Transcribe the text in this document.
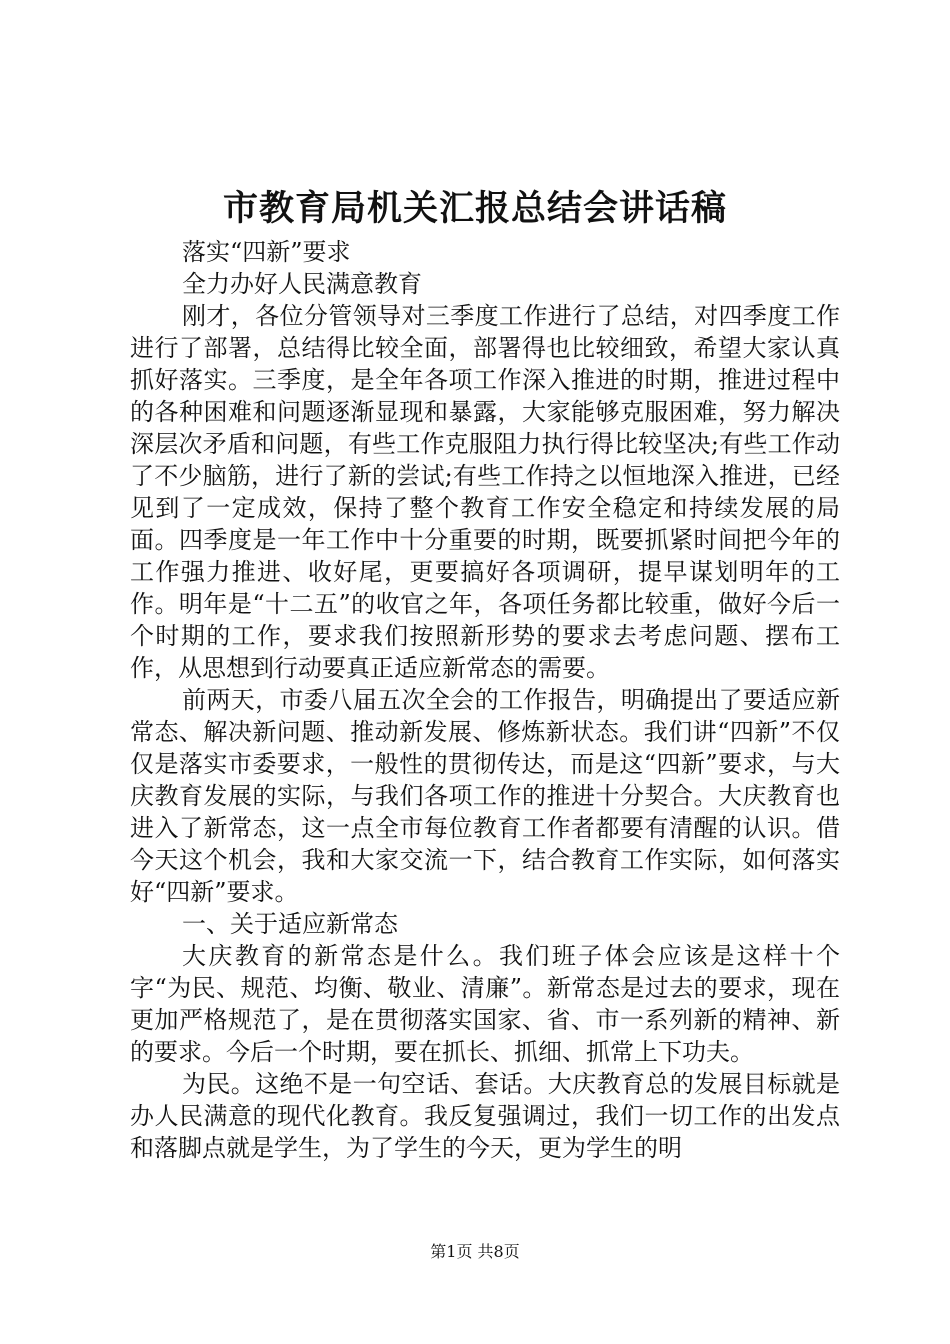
市教育局机关汇报总结会讲话稿

落实“四新”要求

全力办好人民满意教育

刚才，各位分管领导对三季度工作进行了总结，对四季度工作进行了部署，总结得比较全面，部署得也比较细致，希望大家认真抓好落实。三季度，是全年各项工作深入推进的时期，推进过程中的各种困难和问题逐渐显现和暴露，大家能够克服困难，努力解决深层次矛盾和问题，有些工作克服阻力执行得比较坚决;有些工作动了不少脑筋，进行了新的尝试;有些工作持之以恒地深入推进，已经见到了一定成效，保持了整个教育工作安全稳定和持续发展的局面。四季度是一年工作中十分重要的时期，既要抓紧时间把今年的工作强力推进、收好尾，更要搞好各项调研，提早谋划明年的工作。明年是“十二五”的收官之年，各项任务都比较重，做好今后一个时期的工作，要求我们按照新形势的要求去考虑问题、摆布工作，从思想到行动要真正适应新常态的需要。

前两天，市委八届五次全会的工作报告，明确提出了要适应新常态、解决新问题、推动新发展、修炼新状态。我们讲“四新”不仅仅是落实市委要求，一般性的贯彻传达，而是这“四新”要求，与大庆教育发展的实际，与我们各项工作的推进十分契合。大庆教育也进入了新常态，这一点全市每位教育工作者都要有清醒的认识。借今天这个机会，我和大家交流一下，结合教育工作实际，如何落实好“四新”要求。

一、关于适应新常态

大庆教育的新常态是什么。我们班子体会应该是这样十个字“为民、规范、均衡、敬业、清廉”。新常态是过去的要求，现在更加严格规范了，是在贯彻落实国家、省、市一系列新的精神、新的要求。今后一个时期，要在抓长、抓细、抓常上下功夫。

为民。这绝不是一句空话、套话。大庆教育总的发展目标就是办人民满意的现代化教育。我反复强调过，我们一切工作的出发点和落脚点就是学生，为了学生的今天，更为学生的明

第1页 共8页
